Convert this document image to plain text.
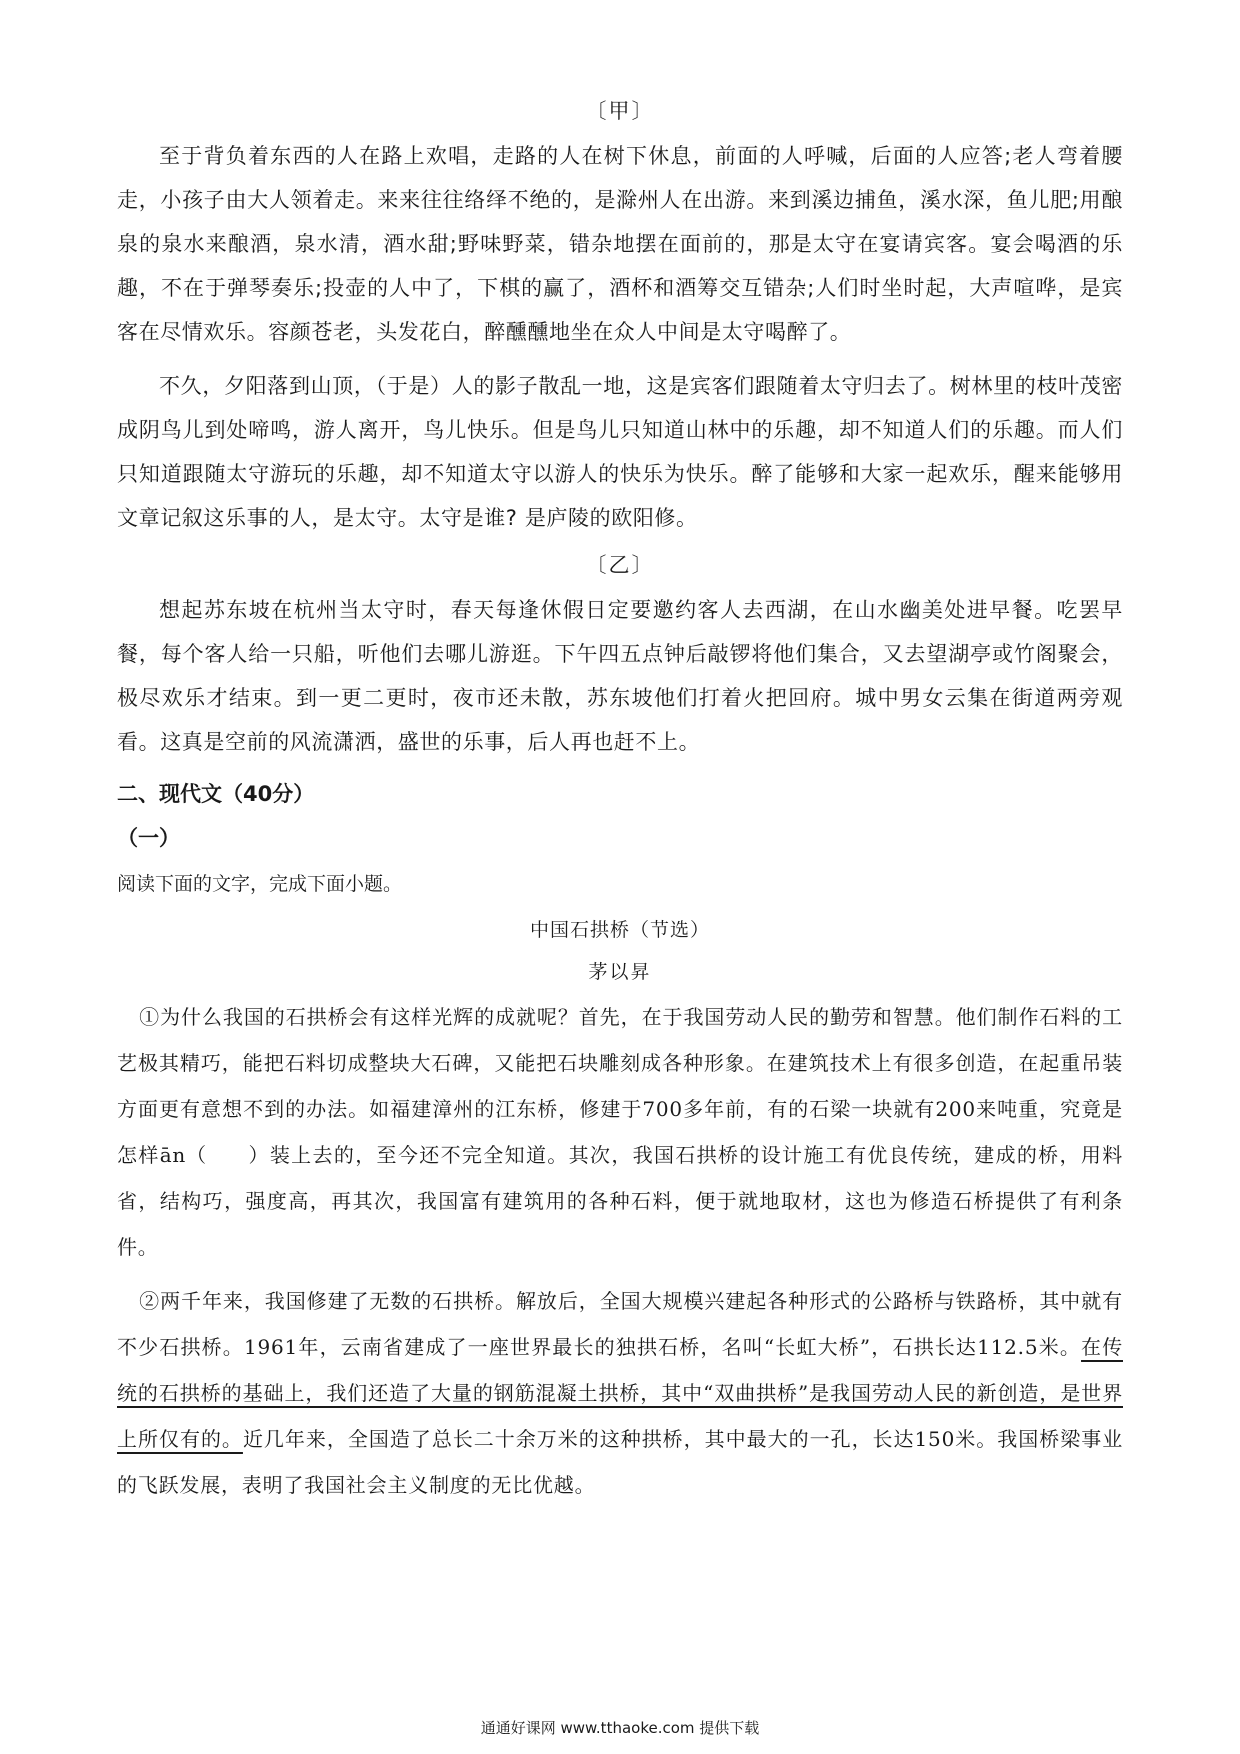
〔甲〕

至于背负着东西的人在路上欢唱，走路的人在树下休息，前面的人呼喊，后面的人应答;老人弯着腰走，小孩子由大人领着走。来来往往络绎不绝的，是滁州人在出游。来到溪边捕鱼，溪水深，鱼儿肥;用酿泉的泉水来酿酒，泉水清，酒水甜;野味野菜，错杂地摆在面前的，那是太守在宴请宾客。宴会喝酒的乐趣，不在于弹琴奏乐;投壶的人中了，下棋的赢了，酒杯和酒筹交互错杂;人们时坐时起，大声喧哗，是宾客在尽情欢乐。容颜苍老，头发花白，醉醺醺地坐在众人中间是太守喝醉了。

不久，夕阳落到山顶，（于是）人的影子散乱一地，这是宾客们跟随着太守归去了。树林里的枝叶茂密成阴鸟儿到处啼鸣，游人离开，鸟儿快乐。但是鸟儿只知道山林中的乐趣，却不知道人们的乐趣。而人们只知道跟随太守游玩的乐趣，却不知道太守以游人的快乐为快乐。醉了能够和大家一起欢乐，醒来能够用文章记叙这乐事的人，是太守。太守是谁? 是庐陵的欧阳修。

〔乙〕

想起苏东坡在杭州当太守时，春天每逢休假日定要邀约客人去西湖，在山水幽美处进早餐。吃罢早餐，每个客人给一只船，听他们去哪儿游逛。下午四五点钟后敲锣将他们集合，又去望湖亭或竹阁聚会，极尽欢乐才结束。到一更二更时，夜市还未散，苏东坡他们打着火把回府。城中男女云集在街道两旁观看。这真是空前的风流潇洒，盛世的乐事，后人再也赶不上。

二、现代文（40分）
（一）
阅读下面的文字，完成下面小题。
中国石拱桥（节选）
茅以昇

①为什么我国的石拱桥会有这样光辉的成就呢？首先，在于我国劳动人民的勤劳和智慧。他们制作石料的工艺极其精巧，能把石料切成整块大石碑，又能把石块雕刻成各种形象。在建筑技术上有很多创造，在起重吊装方面更有意想不到的办法。如福建漳州的江东桥，修建于700多年前，有的石梁一块就有200来吨重，究竟是怎样ān（　　）装上去的，至今还不完全知道。其次，我国石拱桥的设计施工有优良传统，建成的桥，用料省，结构巧，强度高，再其次，我国富有建筑用的各种石料，便于就地取材，这也为修造石桥提供了有利条件。

②两千年来，我国修建了无数的石拱桥。解放后，全国大规模兴建起各种形式的公路桥与铁路桥，其中就有不少石拱桥。1961年，云南省建成了一座世界最长的独拱石桥，名叫“长虹大桥”，石拱长达112.5米。在传统的石拱桥的基础上，我们还造了大量的钢筋混凝土拱桥，其中“双曲拱桥”是我国劳动人民的新创造，是世界上所仅有的。近几年来，全国造了总长二十余万米的这种拱桥，其中最大的一孔，长达150米。我国桥梁事业的飞跃发展，表明了我国社会主义制度的无比优越。

通通好课网 www.tthaoke.com 提供下载
